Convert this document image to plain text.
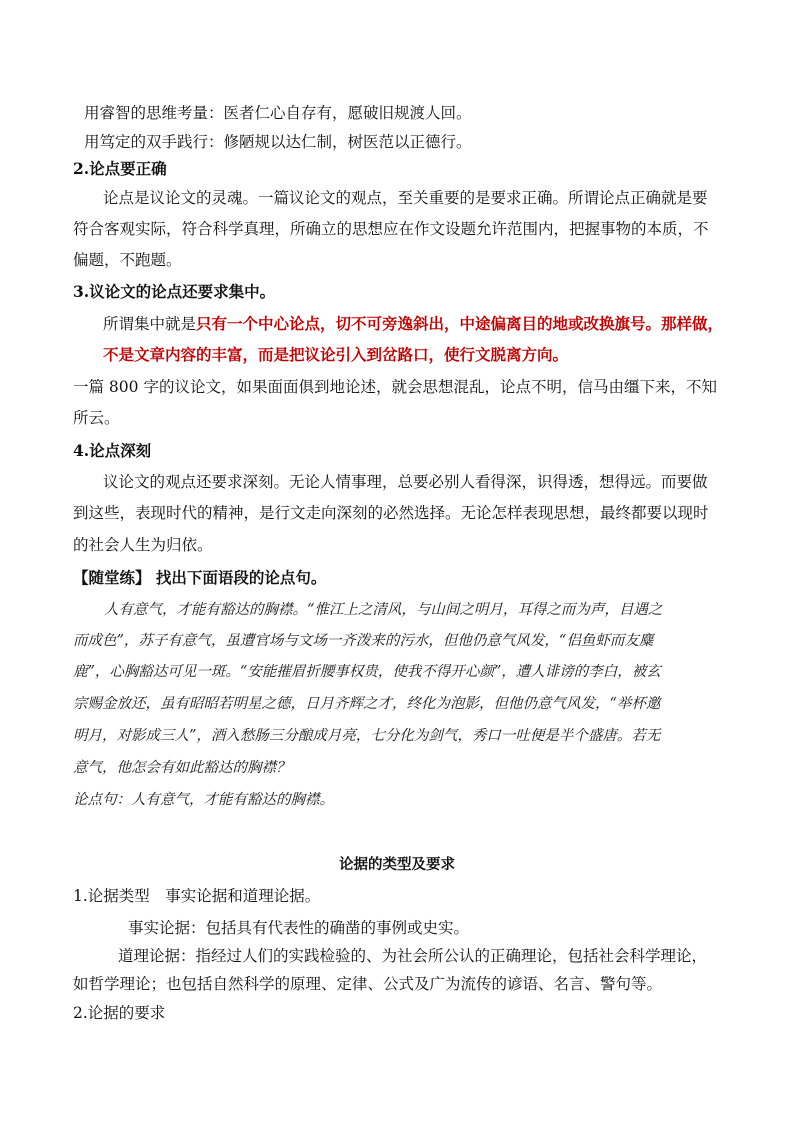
用睿智的思维考量：医者仁心自存有，愿破旧规渡人回。
用笃定的双手践行：修陋规以达仁制，树医范以正德行。
2.论点要正确
论点是议论文的灵魂。一篇议论文的观点，至关重要的是要求正确。所谓论点正确就是要
符合客观实际，符合科学真理，所确立的思想应在作文设题允许范围内，把握事物的本质，不
偏题，不跑题。
3.议论文的论点还要求集中。
所谓集中就是只有一个中心论点，切不可旁逸斜出，中途偏离目的地或改换旗号。那样做，
不是文章内容的丰富，而是把议论引入到岔路口，使行文脱离方向。
一篇 800 字的议论文，如果面面俱到地论述，就会思想混乱，论点不明，信马由缰下来，不知
所云。
4.论点深刻
议论文的观点还要求深刻。无论人情事理，总要必别人看得深，识得透，想得远。而要做
到这些，表现时代的精神，是行文走向深刻的必然选择。无论怎样表现思想，最终都要以现时
的社会人生为归依。
【随堂练】 找出下面语段的论点句。
人有意气，才能有豁达的胸襟。“惟江上之清风，与山间之明月，耳得之而为声，目遇之
而成色”，苏子有意气，虽遭官场与文场一齐泼来的污水，但他仍意气风发，“侣鱼虾而友麋
鹿”，心胸豁达可见一斑。“安能摧眉折腰事权贵，使我不得开心颜”，遭人诽谤的李白，被玄
宗赐金放还，虽有昭昭若明星之德，日月齐辉之才，终化为泡影，但他仍意气风发，“举杯邀
明月，对影成三人”，酒入愁肠三分酿成月亮，七分化为剑气，秀口一吐便是半个盛唐。若无
意气，他怎会有如此豁达的胸襟？
论点句：人有意气，才能有豁达的胸襟。
论据的类型及要求
1.论据类型　事实论据和道理论据。
事实论据：包括具有代表性的确凿的事例或史实。
道理论据：指经过人们的实践检验的、为社会所公认的正确理论，包括社会科学理论，
如哲学理论；也包括自然科学的原理、定律、公式及广为流传的谚语、名言、警句等。
2.论据的要求
